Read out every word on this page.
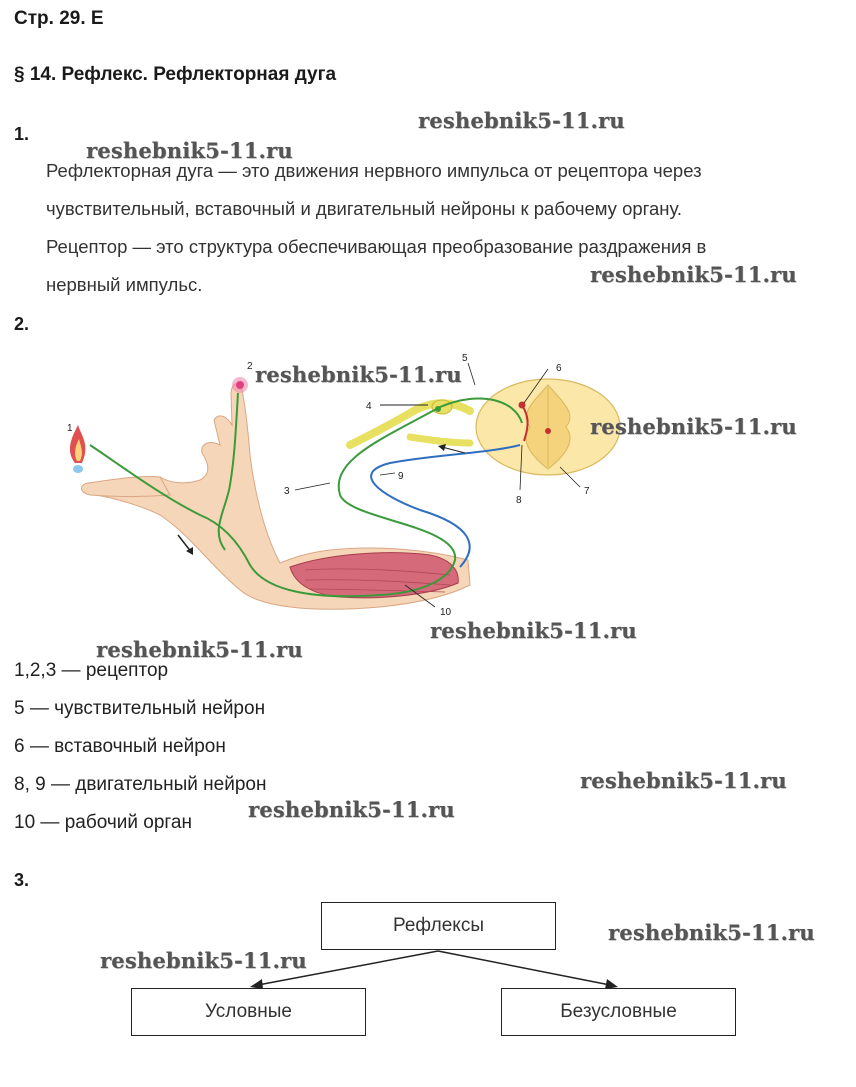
Стр. 29. Е
§ 14. Рефлекс. Рефлекторная дуга
1.
Рефлекторная дуга — это движения нервного импульса от рецептора через
чувствительный, вставочный и двигательный нейроны к рабочему органу.
Рецептор — это структура обеспечивающая преобразование раздражения в
нервный импульс.
2.
1
2
3
4
5
6
7
8
9
10
1,2,3 — рецептор
5 — чувствительный нейрон
6 — вставочный нейрон
8, 9 — двигательный нейрон
10 — рабочий орган
3.
Рефлексы
Условные	Безусловные
reshebnik5-11.ru
reshebnik5-11.ru
reshebnik5-11.ru
reshebnik5-11.ru
reshebnik5-11.ru
reshebnik5-11.ru
reshebnik5-11.ru
reshebnik5-11.ru
reshebnik5-11.ru
reshebnik5-11.ru
reshebnik5-11.ru
